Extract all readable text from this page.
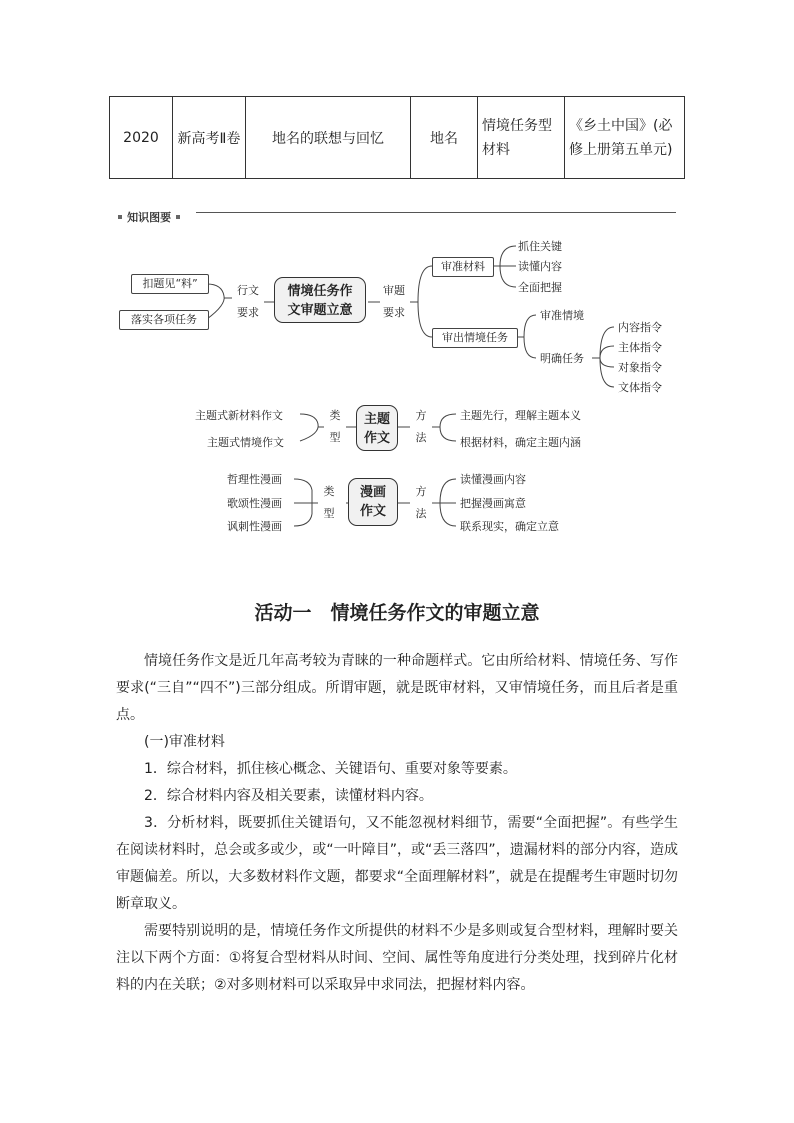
2020	新高考Ⅱ卷	地名的联想与回忆	地名	情境任务型材料	《乡土中国》(必修上册第五单元)
知识图要
扣题见“料”
落实各项任务
行文
要求
情境任务作
文审题立意
审题
要求
审准材料
抓住关键
读懂内容
全面把握
审出情境任务
审准情境
明确任务
内容指令
主体指令
对象指令
文体指令
主题式新材料作文
主题式情境作文
类
型
主题
作文
方
法
主题先行，理解主题本义
根据材料，确定主题内涵
哲理性漫画
歌颂性漫画
讽刺性漫画
类
型
漫画
作文
方
法
读懂漫画内容
把握漫画寓意
联系现实，确定立意
活动一　情境任务作文的审题立意

情境任务作文是近几年高考较为青睐的一种命题样式。它由所给材料、情境任务、写作要求(“三自”“四不”)三部分组成。所谓审题，就是既审材料，又审情境任务，而且后者是重点。

(一)审准材料

1．综合材料，抓住核心概念、关键语句、重要对象等要素。

2．综合材料内容及相关要素，读懂材料内容。

3．分析材料，既要抓住关键语句，又不能忽视材料细节，需要“全面把握”。有些学生在阅读材料时，总会或多或少，或“一叶障目”，或“丢三落四”，遗漏材料的部分内容，造成审题偏差。所以，大多数材料作文题，都要求“全面理解材料”，就是在提醒考生审题时切勿断章取义。

需要特别说明的是，情境任务作文所提供的材料不少是多则或复合型材料，理解时要关注以下两个方面：①将复合型材料从时间、空间、属性等角度进行分类处理，找到碎片化材料的内在关联；②对多则材料可以采取异中求同法，把握材料内容。
